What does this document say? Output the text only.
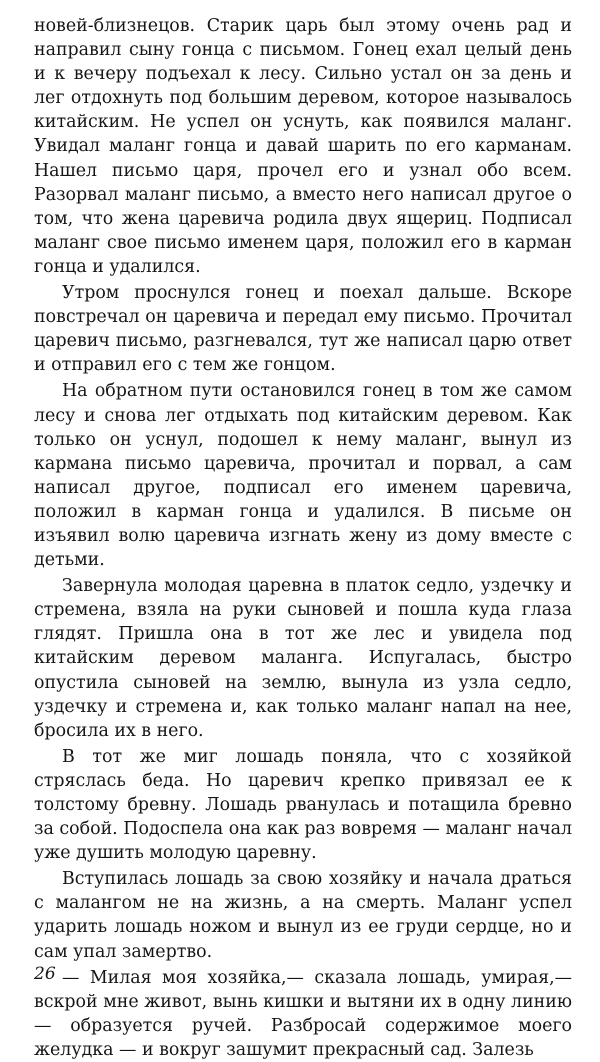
новей-близнецов. Старик царь был этому очень рад и направил сыну гонца с письмом. Гонец ехал целый день и к вечеру подъехал к лесу. Сильно устал он за день и лег отдохнуть под большим деревом, которое называлось китайским. Не успел он уснуть, как появился маланг. Увидал маланг гонца и давай шарить по его карманам. Нашел письмо царя, прочел его и узнал обо всем. Разорвал маланг письмо, а вместо него написал другое о том, что жена царевича родила двух ящериц. Подписал маланг свое письмо именем царя, положил его в карман гонца и удалился.

Утром проснулся гонец и поехал дальше. Вскоре повстречал он царевича и передал ему письмо. Прочитал царевич письмо, разгневался, тут же написал царю ответ и отправил его с тем же гонцом.

На обратном пути остановился гонец в том же самом лесу и снова лег отдыхать под китайским деревом. Как только он уснул, подошел к нему маланг, вынул из кармана письмо царевича, прочитал и порвал, а сам написал другое, подписал его именем царевича, положил в карман гонца и удалился. В письме он изъявил волю царевича изгнать жену из дому вместе с детьми.

Завернула молодая царевна в платок седло, уздечку и стремена, взяла на руки сыновей и пошла куда глаза глядят. Пришла она в тот же лес и увидела под китайским деревом маланга. Испугалась, быстро опустила сыновей на землю, вынула из узла седло, уздечку и стремена и, как только маланг напал на нее, бросила их в него.

В тот же миг лошадь поняла, что с хозяйкой стряслась беда. Но царевич крепко привязал ее к толстому бревну. Лошадь рванулась и потащила бревно за собой. Подоспела она как раз вовремя — маланг начал уже душить молодую царевну.

Вступилась лошадь за свою хозяйку и начала драться с малангом не на жизнь, а на смерть. Маланг успел ударить лошадь ножом и вынул из ее груди сердце, но и сам упал замертво.

— Милая моя хозяйка,— сказала лошадь, умирая,— вскрой мне живот, вынь кишки и вытяни их в одну линию — образуется ручей. Разбросай содержимое моего желудка — и вокруг зашумит прекрасный сад. Залезь

26
